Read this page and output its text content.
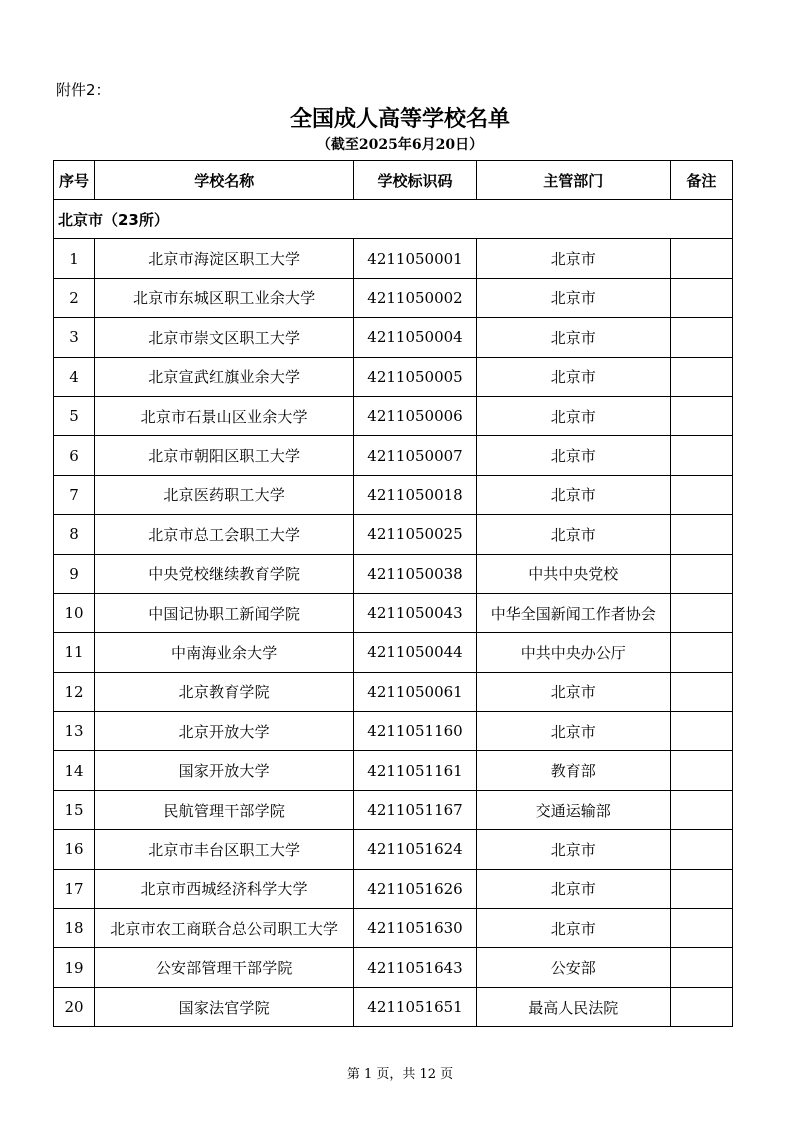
附件2：
全国成人高等学校名单
（截至2025年6月20日）
序号	学校名称	学校标识码	主管部门	备注
北京市（23所）				
1	北京市海淀区职工大学	4211050001	北京市	
2	北京市东城区职工业余大学	4211050002	北京市	
3	北京市崇文区职工大学	4211050004	北京市	
4	北京宣武红旗业余大学	4211050005	北京市	
5	北京市石景山区业余大学	4211050006	北京市	
6	北京市朝阳区职工大学	4211050007	北京市	
7	北京医药职工大学	4211050018	北京市	
8	北京市总工会职工大学	4211050025	北京市	
9	中央党校继续教育学院	4211050038	中共中央党校	
10	中国记协职工新闻学院	4211050043	中华全国新闻工作者协会	
11	中南海业余大学	4211050044	中共中央办公厅	
12	北京教育学院	4211050061	北京市	
13	北京开放大学	4211051160	北京市	
14	国家开放大学	4211051161	教育部	
15	民航管理干部学院	4211051167	交通运输部	
16	北京市丰台区职工大学	4211051624	北京市	
17	北京市西城经济科学大学	4211051626	北京市	
18	北京市农工商联合总公司职工大学	4211051630	北京市	
19	公安部管理干部学院	4211051643	公安部	
20	国家法官学院	4211051651	最高人民法院	
第 1 页，共 12 页
